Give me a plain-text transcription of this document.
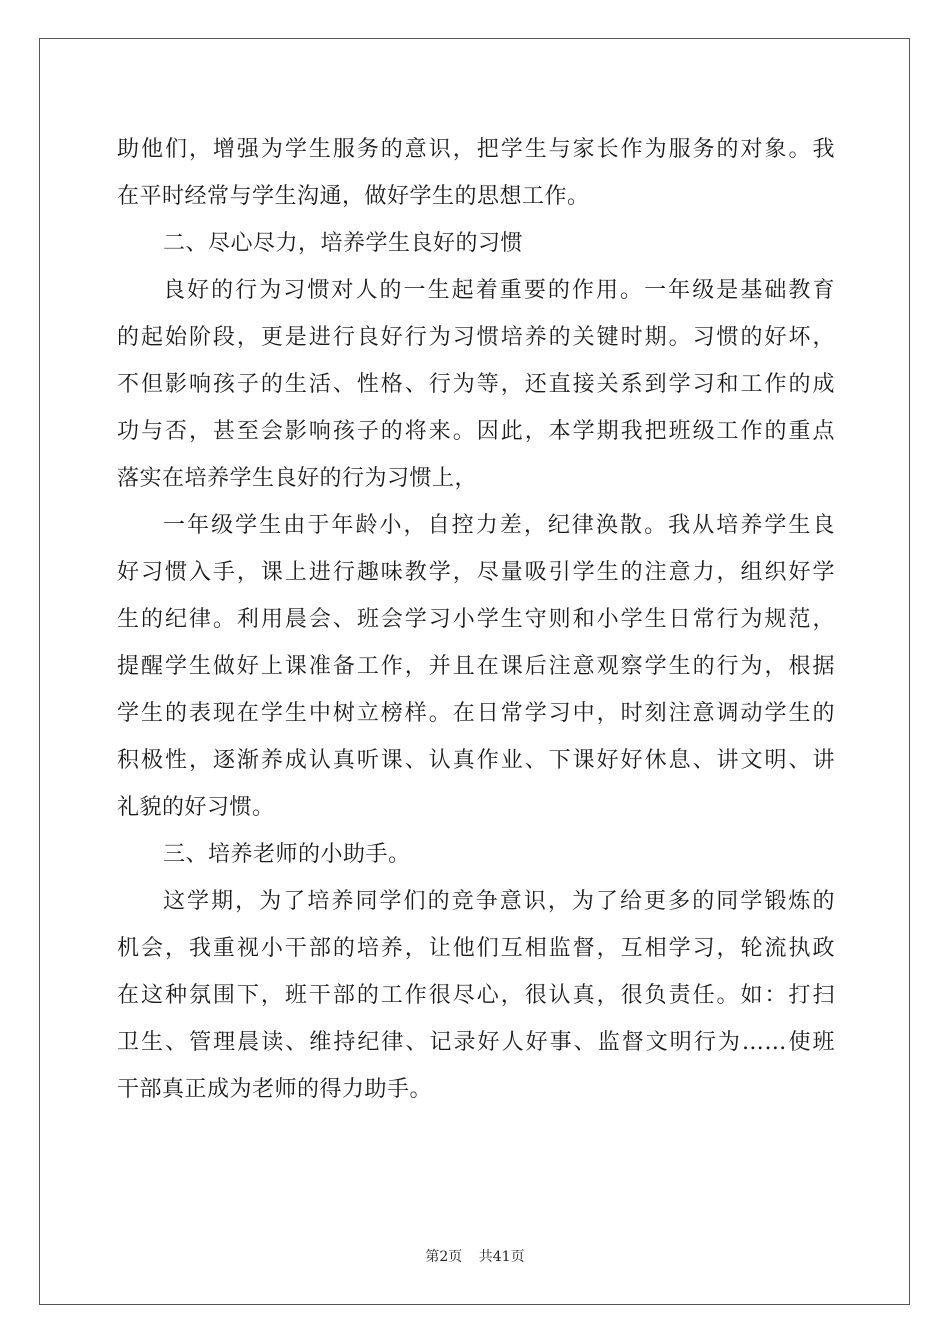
助他们，增强为学生服务的意识，把学生与家长作为服务的对象。我
在平时经常与学生沟通，做好学生的思想工作。
二、尽心尽力，培养学生良好的习惯
良好的行为习惯对人的一生起着重要的作用。一年级是基础教育
的起始阶段，更是进行良好行为习惯培养的关键时期。习惯的好坏，
不但影响孩子的生活、性格、行为等，还直接关系到学习和工作的成
功与否，甚至会影响孩子的将来。因此，本学期我把班级工作的重点
落实在培养学生良好的行为习惯上，
一年级学生由于年龄小，自控力差，纪律涣散。我从培养学生良
好习惯入手，课上进行趣味教学，尽量吸引学生的注意力，组织好学
生的纪律。利用晨会、班会学习小学生守则和小学生日常行为规范，
提醒学生做好上课准备工作，并且在课后注意观察学生的行为，根据
学生的表现在学生中树立榜样。在日常学习中，时刻注意调动学生的
积极性，逐渐养成认真听课、认真作业、下课好好休息、讲文明、讲
礼貌的好习惯。
三、培养老师的小助手。
这学期，为了培养同学们的竞争意识，为了给更多的同学锻炼的
机会，我重视小干部的培养，让他们互相监督，互相学习，轮流执政
在这种氛围下，班干部的工作很尽心，很认真，很负责任。如：打扫
卫生、管理晨读、维持纪律、记录好人好事、监督文明行为……使班
干部真正成为老师的得力助手。
第2页 共41页
